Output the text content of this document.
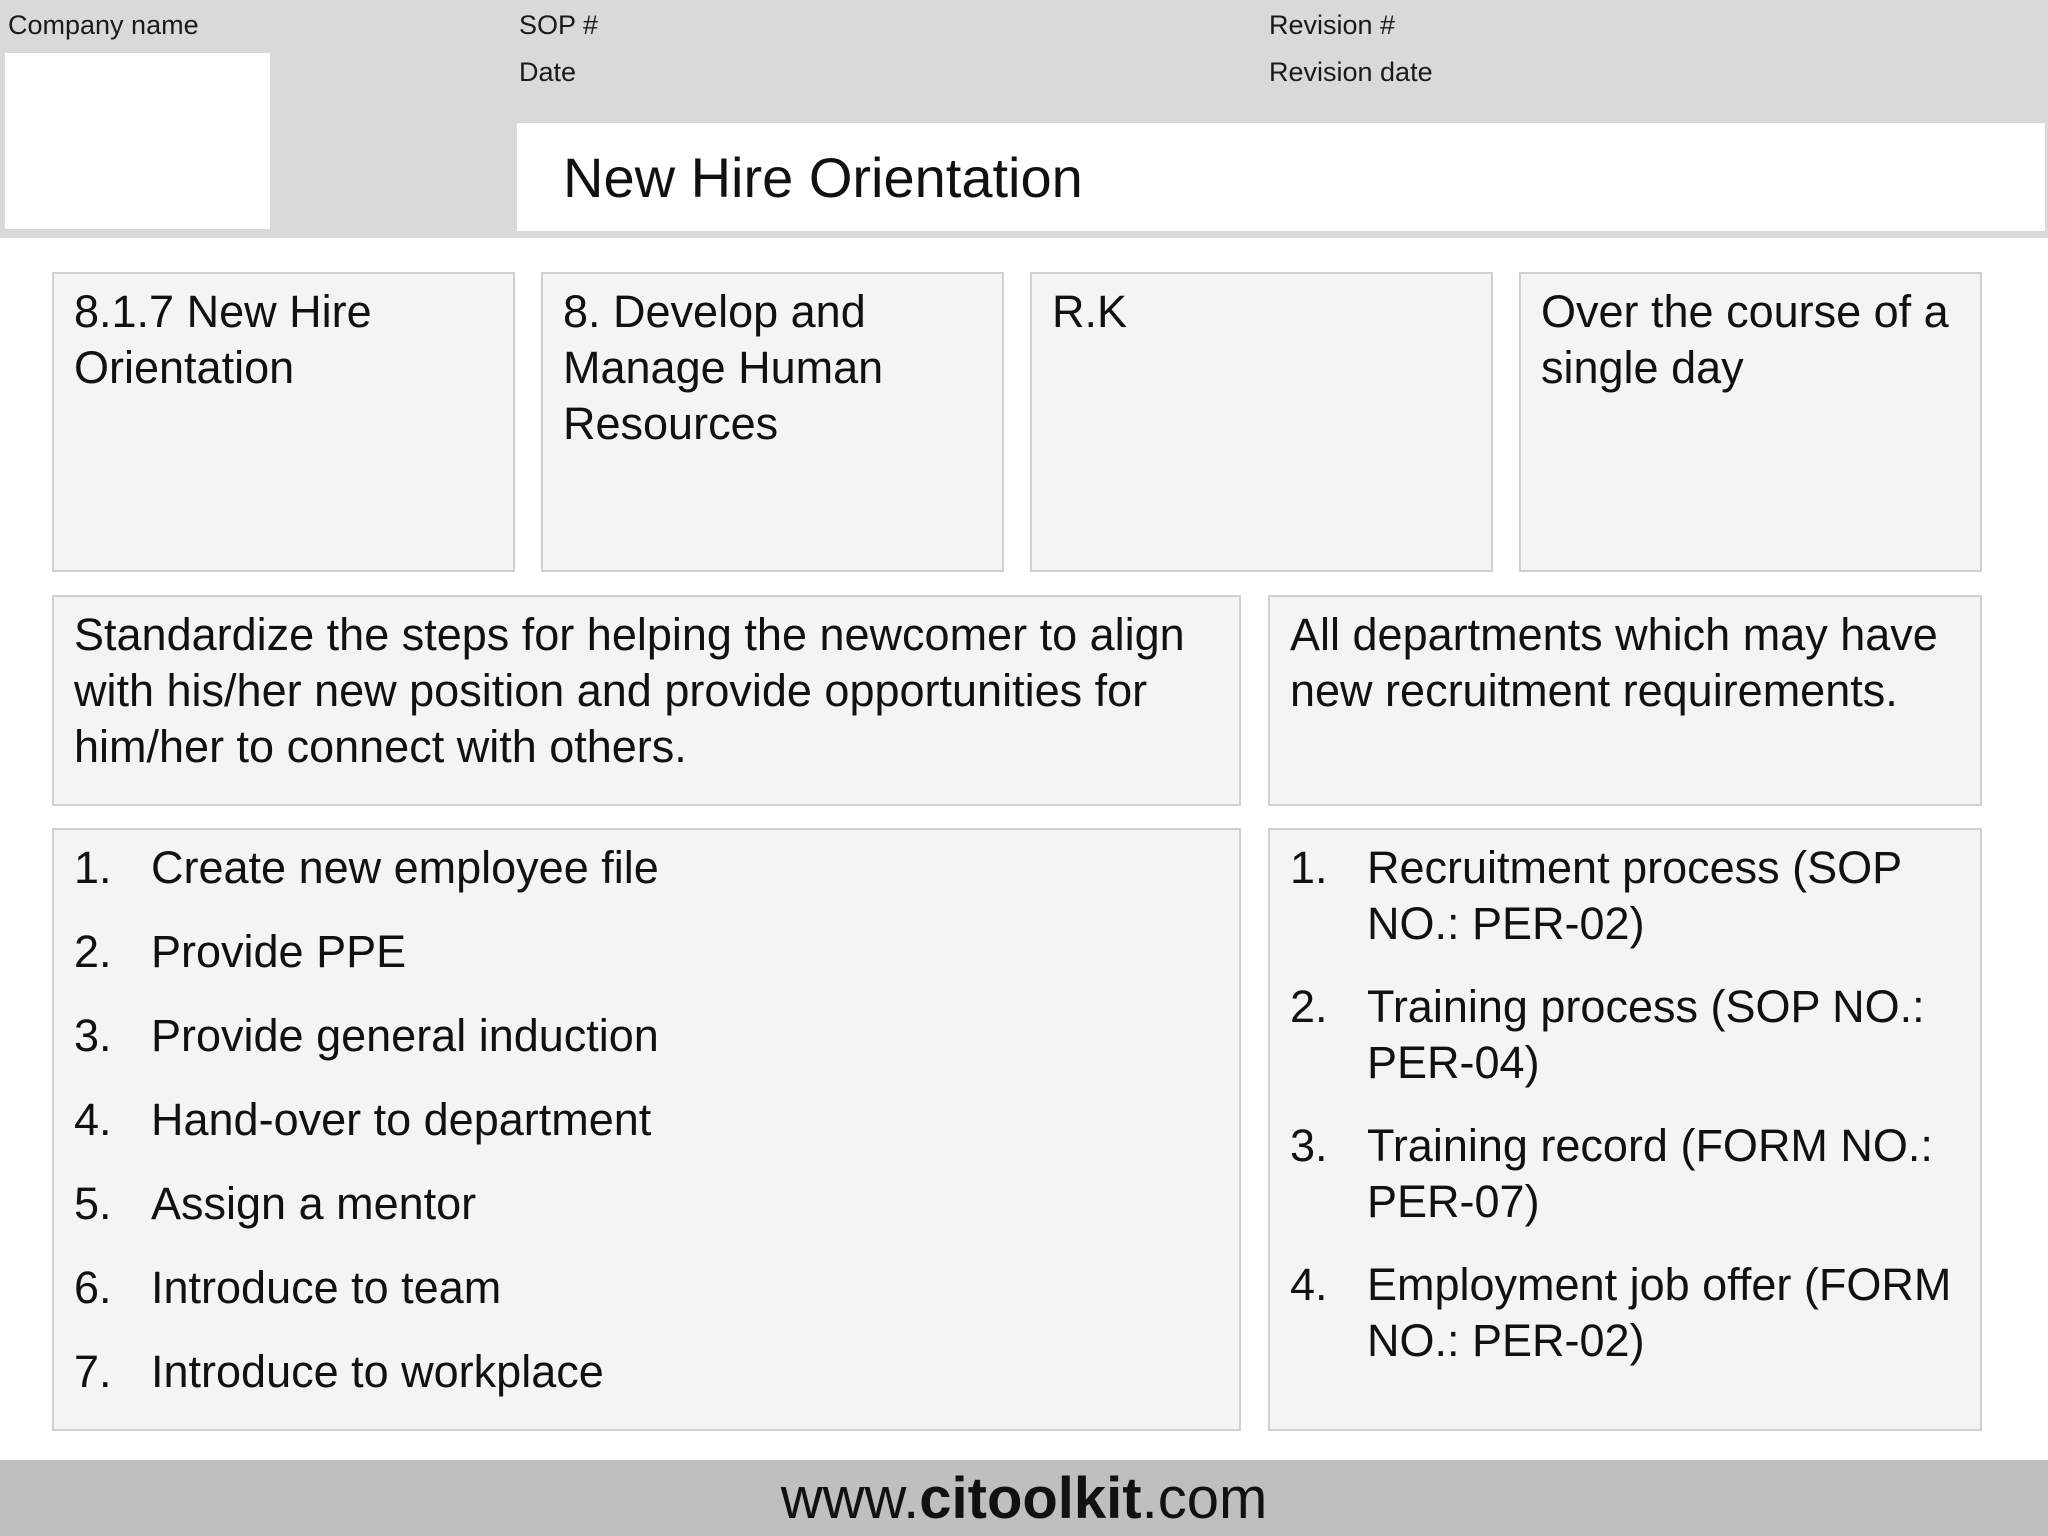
Company name	SOP #
Date
Revision #
Revision date
New Hire Orientation
8.1.7 New Hire Orientation
8. Develop and Manage Human Resources
R.K	Over the course of a single day
Standardize the steps for helping the newcomer to align with his/her new position and provide opportunities for him/her to connect with others.
All departments which may have new recruitment requirements.
1. Create new employee file
2. Provide PPE
3. Provide general induction
4. Hand-over to department
5. Assign a mentor
6. Introduce to team
7. Introduce to workplace
1. Recruitment process (SOP NO.: PER-02)
2. Training process (SOP NO.: PER-04)
3. Training record (FORM NO.: PER-07)
4. Employment job offer (FORM NO.: PER-02)
www.citoolkit.com
